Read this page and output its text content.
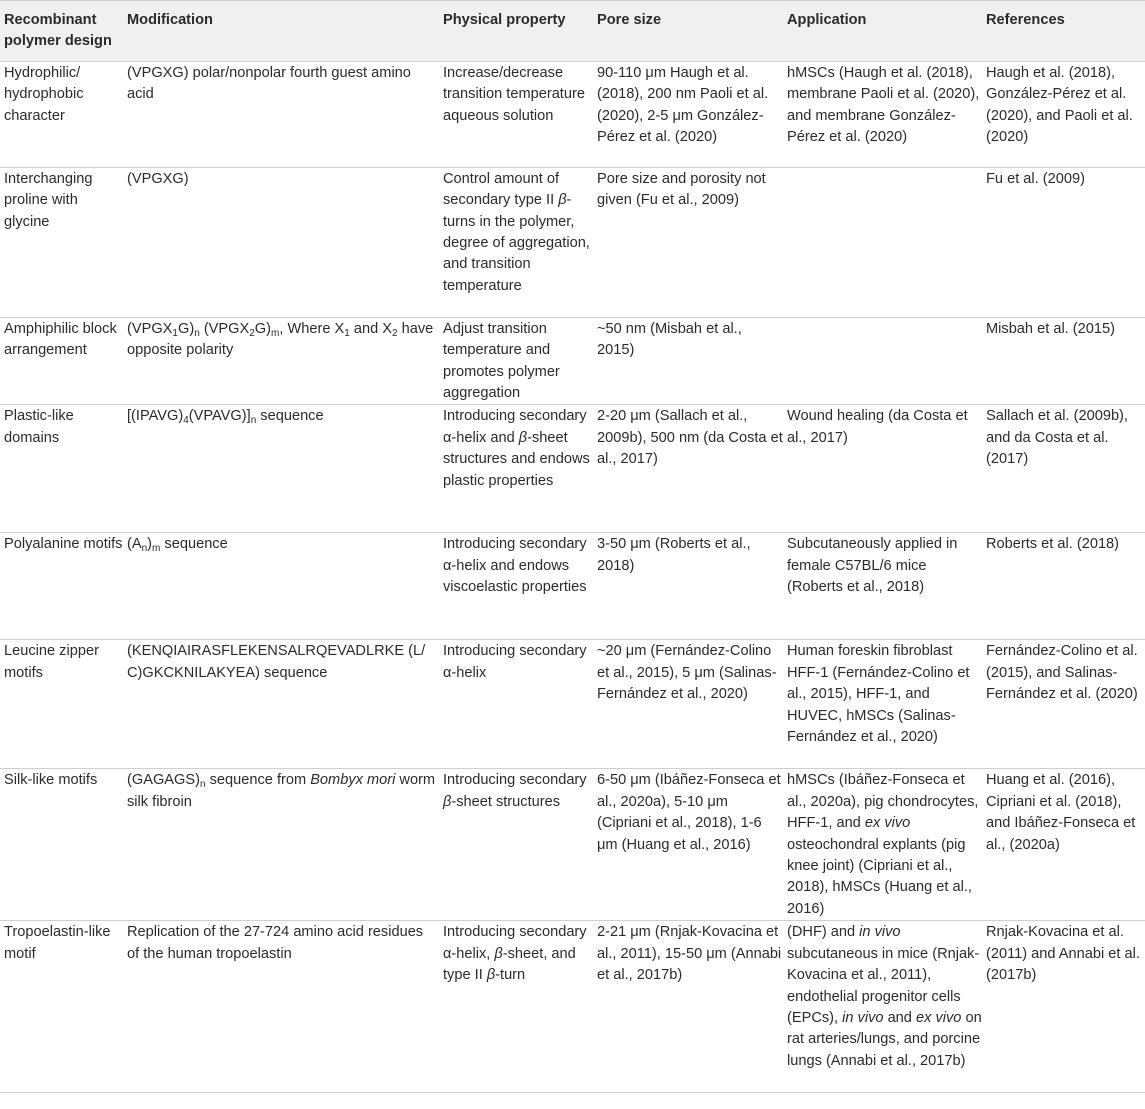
Recombinant polymer design	Modification	Physical property	Pore size	Application	References
Hydrophilic/ hydrophobic character	(VPGXG) polar/nonpolar fourth guest amino acid	Increase/decrease transition temperature aqueous solution	90-110 μm Haugh et al. (2018), 200 nm Paoli et al. (2020), 2-5 μm González-Pérez et al. (2020)	hMSCs (Haugh et al. (2018), membrane Paoli et al. (2020), and membrane González-Pérez et al. (2020)	Haugh et al. (2018), González-Pérez et al. (2020), and Paoli et al. (2020)
Interchanging proline with glycine	(VPGXG)	Control amount of secondary type II β-turns in the polymer, degree of aggregation, and transition temperature	Pore size and porosity not given (Fu et al., 2009)		Fu et al. (2009)
Amphiphilic block arrangement	$(VPGX_1G)_n$ $(VPGX_2G)_m$, Where $X_1$ and $X_2$ have opposite polarity	Adjust transition temperature and promotes polymer aggregation	~50 nm (Misbah et al., 2015)		Misbah et al. (2015)
Plastic-like domains	$[(IPAVG)_4(VPAVG)]_n$ sequence	Introducing secondary α-helix and β-sheet structures and endows plastic properties	2-20 μm (Sallach et al., 2009b), 500 nm (da Costa et al., 2017)	Wound healing (da Costa et al., 2017)	Sallach et al. (2009b), and da Costa et al. (2017)
Polyalanine motifs	$(A_n)_m$ sequence	Introducing secondary α-helix and endows viscoelastic properties	3-50 μm (Roberts et al., 2018)	Subcutaneously applied in female C57BL/6 mice (Roberts et al., 2018)	Roberts et al. (2018)
Leucine zipper motifs	(KENQIAIRASFLEKENSALRQEVADLRKE (L/ C)GKCKNILAKYEA) sequence	Introducing secondary α-helix	~20 μm (Fernández-Colino et al., 2015), 5 μm (Salinas-Fernández et al., 2020)	Human foreskin fibroblast HFF-1 (Fernández-Colino et al., 2015), HFF-1, and HUVEC, hMSCs (Salinas-Fernández et al., 2020)	Fernández-Colino et al. (2015), and Salinas-Fernández et al. (2020)
Silk-like motifs	$(GAGAGS)_n$ sequence from Bombyx mori worm silk fibroin	Introducing secondary β-sheet structures	6-50 μm (Ibáñez-Fonseca et al., 2020a), 5-10 μm (Cipriani et al., 2018), 1-6 μm (Huang et al., 2016)	hMSCs (Ibáñez-Fonseca et al., 2020a), pig chondrocytes, HFF-1, and ex vivo osteochondral explants (pig knee joint) (Cipriani et al., 2018), hMSCs (Huang et al., 2016)	Huang et al. (2016), Cipriani et al. (2018), and Ibáñez-Fonseca et al., (2020a)
Tropoelastin-like motif	Replication of the 27-724 amino acid residues of the human tropoelastin	Introducing secondary α-helix, β-sheet, and type II β-turn	2-21 μm (Rnjak-Kovacina et al., 2011), 15-50 μm (Annabi et al., 2017b)	(DHF) and in vivo subcutaneous in mice (Rnjak-Kovacina et al., 2011), endothelial progenitor cells (EPCs), in vivo and ex vivo on rat arteries/lungs, and porcine lungs (Annabi et al., 2017b)	Rnjak-Kovacina et al. (2011) and Annabi et al. (2017b)
